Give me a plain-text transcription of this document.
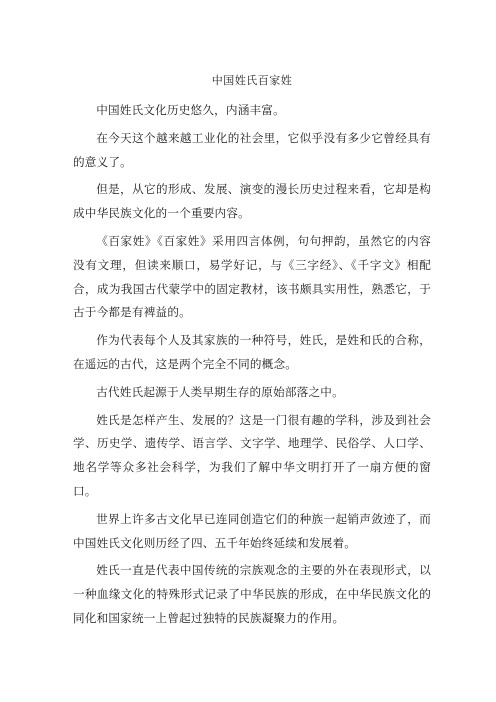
中国姓氏百家姓

中国姓氏文化历史悠久，内涵丰富。

在今天这个越来越工业化的社会里，它似乎没有多少它曾经具有的意义了。

但是，从它的形成、发展、演变的漫长历史过程来看，它却是构成中华民族文化的一个重要内容。

《百家姓》《百家姓》采用四言体例，句句押韵，虽然它的内容没有文理，但读来顺口，易学好记，与《三字经》、《千字文》相配合，成为我国古代蒙学中的固定教材，该书颇具实用性，熟悉它，于古于今都是有裨益的。

作为代表每个人及其家族的一种符号，姓氏，是姓和氏的合称，在遥远的古代，这是两个完全不同的概念。

古代姓氏起源于人类早期生存的原始部落之中。

姓氏是怎样产生、发展的？这是一门很有趣的学科，涉及到社会学、历史学、遗传学、语言学、文字学、地理学、民俗学、人口学、地名学等众多社会科学，为我们了解中华文明打开了一扇方便的窗口。

世界上许多古文化早已连同创造它们的种族一起销声敛迹了，而中国姓氏文化则历经了四、五千年始终延续和发展着。

姓氏一直是代表中国传统的宗族观念的主要的外在表现形式，以一种血缘文化的特殊形式记录了中华民族的形成，在中华民族文化的同化和国家统一上曾起过独特的民族凝聚力的作用。
